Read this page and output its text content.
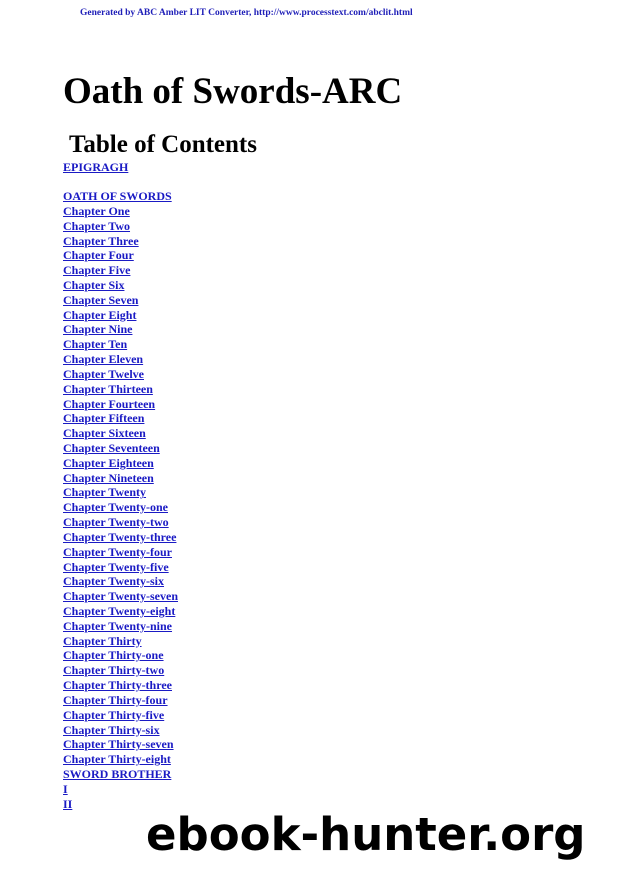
Generated by ABC Amber LIT Converter, http://www.processtext.com/abclit.html
Oath of Swords-ARC
Table of Contents
EPIGRAGH
OATH OF SWORDS
Chapter One
Chapter Two
Chapter Three
Chapter Four
Chapter Five
Chapter Six
Chapter Seven
Chapter Eight
Chapter Nine
Chapter Ten
Chapter Eleven
Chapter Twelve
Chapter Thirteen
Chapter Fourteen
Chapter Fifteen
Chapter Sixteen
Chapter Seventeen
Chapter Eighteen
Chapter Nineteen
Chapter Twenty
Chapter Twenty-one
Chapter Twenty-two
Chapter Twenty-three
Chapter Twenty-four
Chapter Twenty-five
Chapter Twenty-six
Chapter Twenty-seven
Chapter Twenty-eight
Chapter Twenty-nine
Chapter Thirty
Chapter Thirty-one
Chapter Thirty-two
Chapter Thirty-three
Chapter Thirty-four
Chapter Thirty-five
Chapter Thirty-six
Chapter Thirty-seven
Chapter Thirty-eight
SWORD BROTHER
I
II
ebook-hunter.org
